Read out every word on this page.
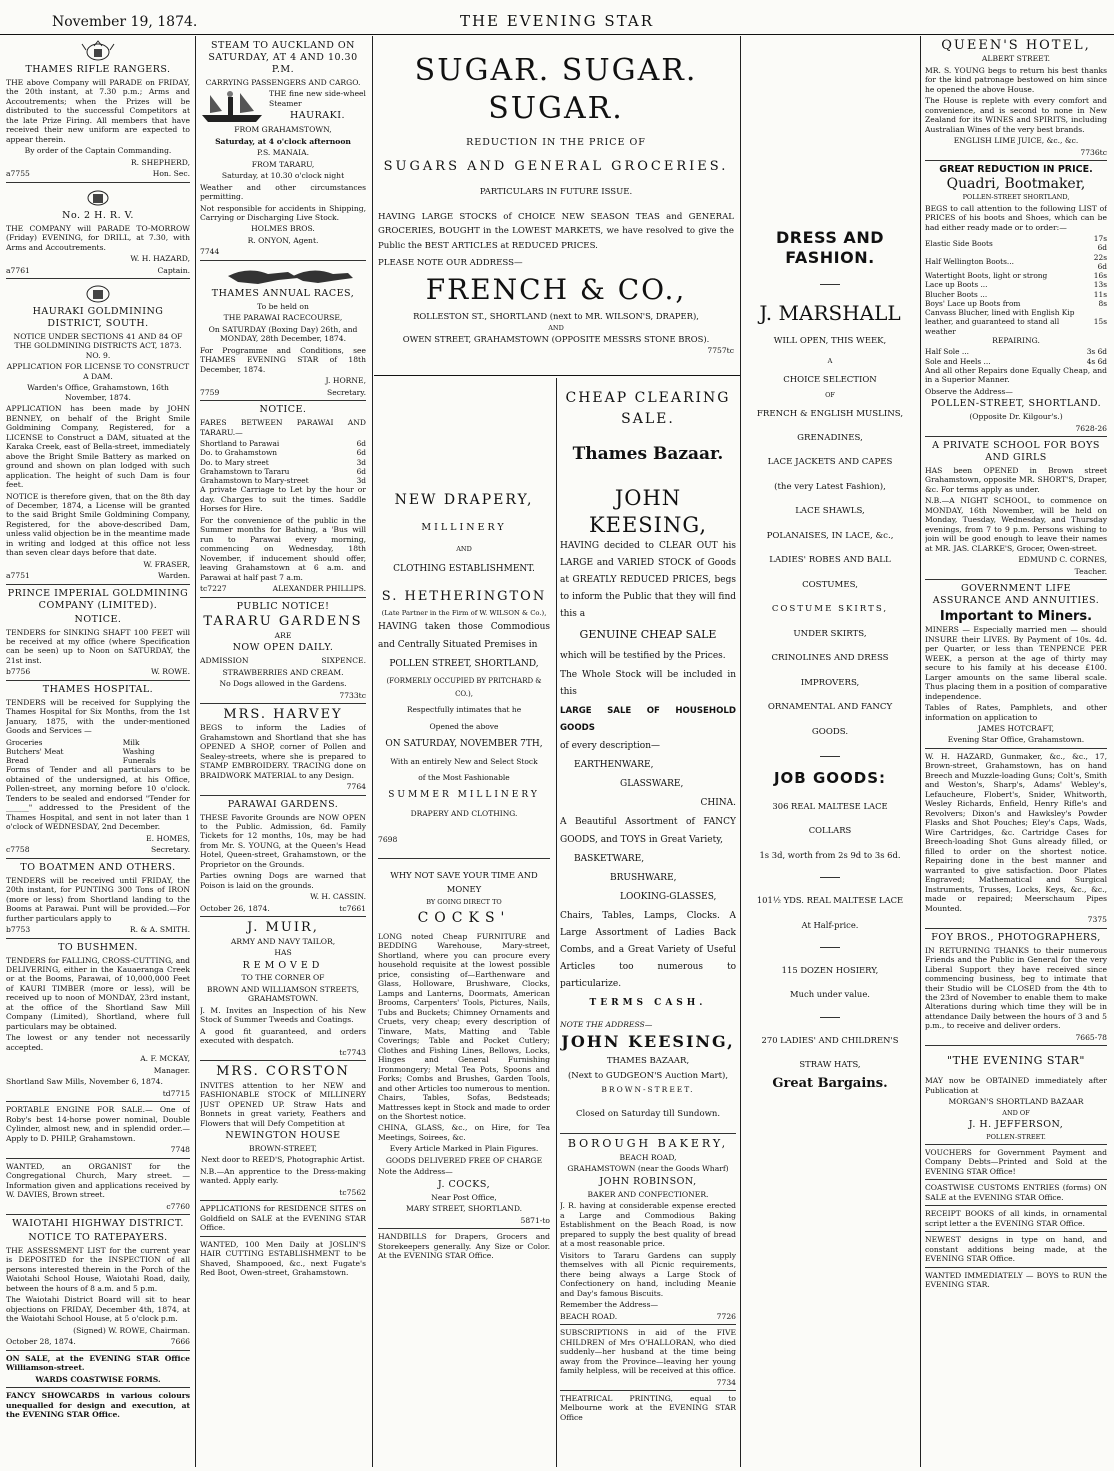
November 19, 1874.	THE EVENING STAR
THAMES RIFLE RANGERS.

THE above Company will PARADE on FRIDAY, the 20th instant, at 7.30 p.m.; Arms and Accoutrements; when the Prizes will be distributed to the successful Competitors at the late Prize Firing. All members that have received their new uniform are expected to appear therein.

By order of the Captain Commanding.

R. SHEPHERD,

a7755	Hon. Sec.

No. 2 H. R. V.

THE COMPANY will PARADE TO-MORROW (Friday) EVENING, for DRILL, at 7.30, with Arms and Accoutrements.

W. H. HAZARD,

a7761	Captain.

HAURAKI GOLDMINING DISTRICT, SOUTH.

NOTICE UNDER SECTIONS 41 AND 84 OF THE GOLDMINING DISTRICTS ACT, 1873. NO. 9.

APPLICATION FOR LICENSE TO CONSTRUCT A DAM.

Warden's Office, Grahamstown, 16th November, 1874.

APPLICATION has been made by JOHN BENNEY, on behalf of the Bright Smile Goldmining Company, Registered, for a LICENSE to Construct a DAM, situated at the Karaka Creek, east of Bella-street, immediately above the Bright Smile Battery as marked on ground and shown on plan lodged with such application. The height of such Dam is four feet.

NOTICE is therefore given, that on the 8th day of December, 1874, a License will be granted to the said Bright Smile Goldmining Company, Registered, for the above-described Dam, unless valid objection be in the meantime made in writing and lodged at this office not less than seven clear days before that date.

W. FRASER,

a7751	Warden.

PRINCE IMPERIAL GOLDMINING COMPANY (LIMITED).
NOTICE.

TENDERS for SINKING SHAFT 100 FEET will be received at my office (where Specification can be seen) up to Noon on SATURDAY, the 21st inst.

b7756	W. ROWE.

THAMES HOSPITAL.

TENDERS will be received for Supplying the Thames Hospital for Six Months, from the 1st January, 1875, with the under-mentioned Goods and Services —

Groceries	Milk
Butchers' Meat	Washing
Bread	Funerals

Forms of Tender and all particulars to be obtained of the undersigned, at his Office, Pollen-street, any morning before 10 o'clock. Tenders to be sealed and endorsed "Tender for ______" addressed to the President of the Thames Hospital, and sent in not later than 1 o'clock of WEDNESDAY, 2nd December.

E. HOMES,

c7758	Secretary.

TO BOATMEN AND OTHERS.

TENDERS will be received until FRIDAY, the 20th instant, for PUNTING 300 Tons of IRON (more or less) from Shortland landing to the Booms at Parawai. Punt will be provided.—For further particulars apply to

b7753	R. & A. SMITH.

TO BUSHMEN.

TENDERS for FALLING, CROSS-CUTTING, and DELIVERING, either in the Kauaeranga Creek or at the Booms, Parawai, of 10,000,000 Feet of KAURI TIMBER (more or less), will be received up to noon of MONDAY, 23rd instant, at the office of the Shortland Saw Mill Company (Limited), Shortland, where full particulars may be obtained.

The lowest or any tender not necessarily accepted.

A. F. MCKAY,

Manager.

Shortland Saw Mills, November 6, 1874.

td7715

PORTABLE ENGINE FOR SALE.— One of Roby's best 14-horse power nominal, Double Cylinder, almost new, and in splendid order.—Apply to D. PHILP, Grahamstown.

7748

WANTED, an ORGANIST for the Congregational Church, Mary street. —Information given and applications received by W. DAVIES, Brown street.

c7760

WAIOTAHI HIGHWAY DISTRICT.
NOTICE TO RATEPAYERS.

THE ASSESSMENT LIST for the current year is DEPOSITED for the INSPECTION of all persons interested therein in the Porch of the Waiotahi School House, Waiotahi Road, daily, between the hours of 8 a.m. and 5 p.m.

The Waiotahi District Board will sit to hear objections on FRIDAY, December 4th, 1874, at the Waiotahi School House, at 5 o'clock p.m.

(Signed) W. ROWE, Chairman.

October 28, 1874.	7666

ON SALE, at the EVENING STAR Office Williamson-street.

WARDS COASTWISE FORMS.

FANCY SHOWCARDS in various colours unequalled for design and execution, at the EVENING STAR Office.

STEAM TO AUCKLAND ON SATURDAY, AT 4 AND 10.30 P.M.

CARRYING PASSENGERS AND CARGO.

THE fine new side-wheel Steamer

HAURAKI.

FROM GRAHAMSTOWN,

Saturday, at 4 o'clock afternoon

P.S. MANAIA.

FROM TARARU,

Saturday, at 10.30 o'clock night

Weather and other circumstances permitting.

Not responsible for accidents in Shipping, Carrying or Discharging Live Stock.

HOLMES BROS.

R. ONYON, Agent.

7744

THAMES ANNUAL RACES,

To be held on

THE PARAWAI RACECOURSE,

On SATURDAY (Boxing Day) 26th, and MONDAY, 28th December, 1874.

For Programme and Conditions, see THAMES EVENING STAR of 18th December, 1874.

J. HORNE,

7759	Secretary.

NOTICE.

FARES BETWEEN PARAWAI AND TARARU.—

Shortland to Parawai	6d
Do. to Grahamstown	6d
Do. to Mary street	3d
Grahamstown to Tararu	6d
Grahamstown to Mary-street	3d

A private Carriage to Let by the hour or day. Charges to suit the times. Saddle Horses for Hire.

For the convenience of the public in the Summer months for Bathing, a 'Bus will run to Parawai every morning, commencing on Wednesday, 18th November, if inducement should offer, leaving Grahamstown at 6 a.m. and Parawai at half past 7 a.m.

tc7227	ALEXANDER PHILLIPS.

PUBLIC NOTICE!
TARARU GARDENS

ARE

NOW OPEN DAILY.

ADMISSION	SIXPENCE.

STRAWBERRIES AND CREAM.

No Dogs allowed in the Gardens.

7733tc

MRS. HARVEY

BEGS to inform the Ladies of Grahamstown and Shortland that she has OPENED A SHOP, corner of Pollen and Sealey-streets, where she is prepared to STAMP EMBROIDERY. TRACING done on BRAIDWORK MATERIAL to any Design.

7764

PARAWAI GARDENS.

THESE Favorite Grounds are NOW OPEN to the Public. Admission, 6d. Family Tickets for 12 months, 10s, may be had from Mr. S. YOUNG, at the Queen's Head Hotel, Queen-street, Grahamstown, or the Proprietor on the Grounds.

Parties owning Dogs are warned that Poison is laid on the grounds.

W. H. CASSIN.

October 26, 1874.	tc7661

J. MUIR,

ARMY AND NAVY TAILOR,

HAS

REMOVED

TO THE CORNER OF

BROWN AND WILLIAMSON STREETS, GRAHAMSTOWN.

J. M. Invites an Inspection of his New Stock of Summer Tweeds and Coatings.

A good fit guaranteed, and orders executed with despatch.

tc7743

MRS. CORSTON

INVITES attention to her NEW and FASHIONABLE STOCK of MILLINERY JUST OPENED UP. Straw Hats and Bonnets in great variety, Feathers and Flowers that will Defy Competition at

NEWINGTON HOUSE

BROWN-STREET,

Next door to REED'S, Photographic Artist.

N.B.—An apprentice to the Dress-making wanted. Apply early.

tc7562

APPLICATIONS for RESIDENCE SITES on Goldfield on SALE at the EVENING STAR Office.

WANTED, 100 Men Daily at JOSLIN'S HAIR CUTTING ESTABLISHMENT to be Shaved, Shampooed, &c., next Fugate's Red Boot, Owen-street, Grahamstown.

SUGAR. SUGAR. SUGAR.

REDUCTION IN THE PRICE OF

SUGARS AND GENERAL GROCERIES.

PARTICULARS IN FUTURE ISSUE.

HAVING LARGE STOCKS of CHOICE NEW SEASON TEAS and GENERAL GROCERIES, BOUGHT in the LOWEST MARKETS, we have resolved to give the Public the BEST ARTICLES at REDUCED PRICES.

PLEASE NOTE OUR ADDRESS—

FRENCH & CO.,

ROLLESTON ST., SHORTLAND (next to MR. WILSON'S, DRAPER),

AND

OWEN STREET, GRAHAMSTOWN (OPPOSITE MESSRS STONE BROS).

7757tc

NEW DRAPERY,
MILLINERY

AND

CLOTHING ESTABLISHMENT.

S. HETHERINGTON

(Late Partner in the Firm of W. WILSON & Co.),

HAVING taken those Commodious and Centrally Situated Premises in

POLLEN STREET, SHORTLAND,

(FORMERLY OCCUPIED BY PRITCHARD & CO.),

Respectfully intimates that he

Opened the above

ON SATURDAY, NOVEMBER 7TH,

With an entirely New and Select Stock

of the Most Fashionable

SUMMER MILLINERY

DRAPERY AND CLOTHING.

7698

WHY NOT SAVE YOUR TIME AND MONEY

BY GOING DIRECT TO

COCKS'

LONG noted Cheap FURNITURE and BEDDING Warehouse, Mary-street, Shortland, where you can procure every household requisite at the lowest possible price, consisting of—Earthenware and Glass, Holloware, Brushware, Clocks, Lamps and Lanterns, Doormats, American Brooms, Carpenters' Tools, Pictures, Nails, Tubs and Buckets; Chimney Ornaments and Cruets, very cheap; every description of Tinware, Mats, Matting and Table Coverings; Table and Pocket Cutlery; Clothes and Fishing Lines, Bellows, Locks, Hinges and General Furnishing Ironmongery; Metal Tea Pots, Spoons and Forks; Combs and Brushes, Garden Tools, and other Articles too numerous to mention. Chairs, Tables, Sofas, Bedsteads; Mattresses kept in Stock and made to order on the Shortest notice.

CHINA, GLASS, &c., on Hire, for Tea Meetings, Soirees, &c.

Every Article Marked in Plain Figures.

GOODS DELIVERED FREE OF CHARGE

Note the Address—

J. COCKS,

Near Post Office,

MARY STREET, SHORTLAND.

5871-to

HANDBILLS for Drapers, Grocers and Storekeepers generally. Any Size or Color. At the EVENING STAR Office.

CHEAP CLEARING SALE.
Thames Bazaar.
JOHN KEESING,

HAVING decided to CLEAR OUT his LARGE and VARIED STOCK of Goods at GREATLY REDUCED PRICES, begs to inform the Public that they will find this a

GENUINE CHEAP SALE

which will be testified by the Prices.

The Whole Stock will be included in this

LARGE SALE OF HOUSEHOLD GOODS

of every description—

EARTHENWARE,

GLASSWARE,

CHINA.

A Beautiful Assortment of FANCY GOODS, and TOYS in Great Variety,

BASKETWARE,

BRUSHWARE,

LOOKING-GLASSES,

Chairs, Tables, Lamps, Clocks. A Large Assortment of Ladies Back Combs, and a Great Variety of Useful Articles too numerous to particularize.

TERMS CASH.

NOTE THE ADDRESS—

JOHN KEESING,

THAMES BAZAAR,

(Next to GUDGEON'S Auction Mart),

BROWN-STREET.

Closed on Saturday till Sundown.

BOROUGH BAKERY,

BEACH ROAD,

GRAHAMSTOWN (near the Goods Wharf)

JOHN ROBINSON,

BAKER AND CONFECTIONER.

J. R. having at considerable expense erected a Large and Commodious Baking Establishment on the Beach Road, is now prepared to supply the best quality of bread at a most reasonable price.

Visitors to Tararu Gardens can supply themselves with all Picnic requirements, there being always a Large Stock of Confectionery on hand, including Meanie and Day's famous Biscuits.

Remember the Address—

BEACH ROAD.	7726

SUBSCRIPTIONS in aid of the FIVE CHILDREN of Mrs O'HALLORAN, who died suddenly—her husband at the time being away from the Province—leaving her young family helpless, will be received at this office.

7734

THEATRICAL PRINTING, equal to Melbourne work at the EVENING STAR Office

DRESS AND FASHION.
J. MARSHALL

WILL OPEN, THIS WEEK,

A

CHOICE SELECTION

OF

FRENCH & ENGLISH MUSLINS,
GRENADINES,
LACE JACKETS AND CAPES
(the very Latest Fashion),
LACE SHAWLS,
POLANAISES, IN LACE, &c.,
LADIES' ROBES AND BALL
COSTUMES,
COSTUME SKIRTS,
UNDER SKIRTS,
CRINOLINES AND DRESS
IMPROVERS,
ORNAMENTAL AND FANCY
GOODS.
JOB GOODS:
306 REAL MALTESE LACE
COLLARS
1s 3d, worth from 2s 9d to 3s 6d.
101½ YDS. REAL MALTESE LACE
At Half-price.
115 DOZEN HOSIERY,
Much under value.
270 LADIES' AND CHILDREN'S
STRAW HATS,
Great Bargains.
QUEEN'S HOTEL,

ALBERT STREET.

MR. S. YOUNG begs to return his best thanks for the kind patronage bestowed on him since he opened the above House.

The House is replete with every comfort and convenience, and is second to none in New Zealand for its WINES and SPIRITS, including Australian Wines of the very best brands.

ENGLISH LIME JUICE, &c., &c.

7736tc

GREAT REDUCTION IN PRICE.
Quadri, Bootmaker,

POLLEN-STREET SHORTLAND,

BEGS to call attention to the following LIST of PRICES of his boots and Shoes, which can be had either ready made or to order:—

Elastic Side Boots	17s 6d
Half Wellington Boots...	22s 6d
Watertight Boots, light or strong	16s
Lace up Boots ...	13s
Blucher Boots ...	11s
Boys' Lace up Boots from	8s
Canvass Blucher, lined with English Kip leather, and guaranteed to stand all weather	15s

REPAIRING.

Half Sole ...	3s 6d
Sole and Heels ...	4s 6d

And all other Repairs done Equally Cheap, and in a Superior Manner.

Observe the Address—

POLLEN-STREET, SHORTLAND.

(Opposite Dr. Kilgour's.)

7628-26

A PRIVATE SCHOOL FOR BOYS AND GIRLS

HAS been OPENED in Brown street Grahamstown, opposite MR. SHORT'S, Draper, &c. For terms apply as under.

N.B.—A NIGHT SCHOOL, to commence on MONDAY, 16th November, will be held on Monday, Tuesday, Wednesday, and Thursday evenings, from 7 to 9 p.m. Persons wishing to join will be good enough to leave their names at MR. JAS. CLARKE'S, Grocer, Owen-street.

EDMUND C. CORNES,

Teacher.

GOVERNMENT LIFE ASSURANCE AND ANNUITIES.
Important to Miners.

MINERS — Especially married men — should INSURE their LIVES. By Payment of 10s. 4d. per Quarter, or less than TENPENCE PER WEEK, a person at the age of thirty may secure to his family at his decease £100. Larger amounts on the same liberal scale. Thus placing them in a position of comparative independence.

Tables of Rates, Pamphlets, and other information on application to

JAMES HOTCRAFT,

Evening Star Office, Grahamstown.

W. H. HAZARD, Gunmaker, &c., &c., 17, Brown-street, Grahamstown, has on hand Breech and Muzzle-loading Guns; Colt's, Smith and Weston's, Sharp's, Adams' Webley's, Lefaucheure, Flobert's, Snider, Whitworth, Wesley Richards, Enfield, Henry Rifle's and Revolvers; Dixon's and Hawksley's Powder Flasks and Shot Pouches; Eley's Caps, Wads, Wire Cartridges, &c. Cartridge Cases for Breech-loading Shot Guns already filled, or filled to order on the shortest notice. Repairing done in the best manner and warranted to give satisfaction. Door Plates Engraved; Mathematical and Surgical Instruments, Trusses, Locks, Keys, &c., &c., made or repaired; Meerschaum Pipes Mounted.

7375

FOY BROS., PHOTOGRAPHERS,

IN RETURNING THANKS to their numerous Friends and the Public in General for the very Liberal Support they have received since commencing business, beg to intimate that their Studio will be CLOSED from the 4th to the 23rd of November to enable them to make Alterations during which time they will be in attendance Daily between the hours of 3 and 5 p.m., to receive and deliver orders.

7665-78

"THE EVENING STAR"

MAY now be OBTAINED immediately after Publication at

MORGAN'S SHORTLAND BAZAAR

AND OF

J. H. JEFFERSON,

POLLEN-STREET.

VOUCHERS for Government Payment and Company Debts—Printed and Sold at the EVENING STAR Office!

COASTWISE CUSTOMS ENTRIES (forms) ON SALE at the EVENING STAR Office.

RECEIPT BOOKS of all kinds, in ornamental script letter a the EVENING STAR Office.

NEWEST designs in type on hand, and constant additions being made, at the EVENING STAR Office.

WANTED IMMEDIATELY — BOYS to RUN the EVENING STAR.
